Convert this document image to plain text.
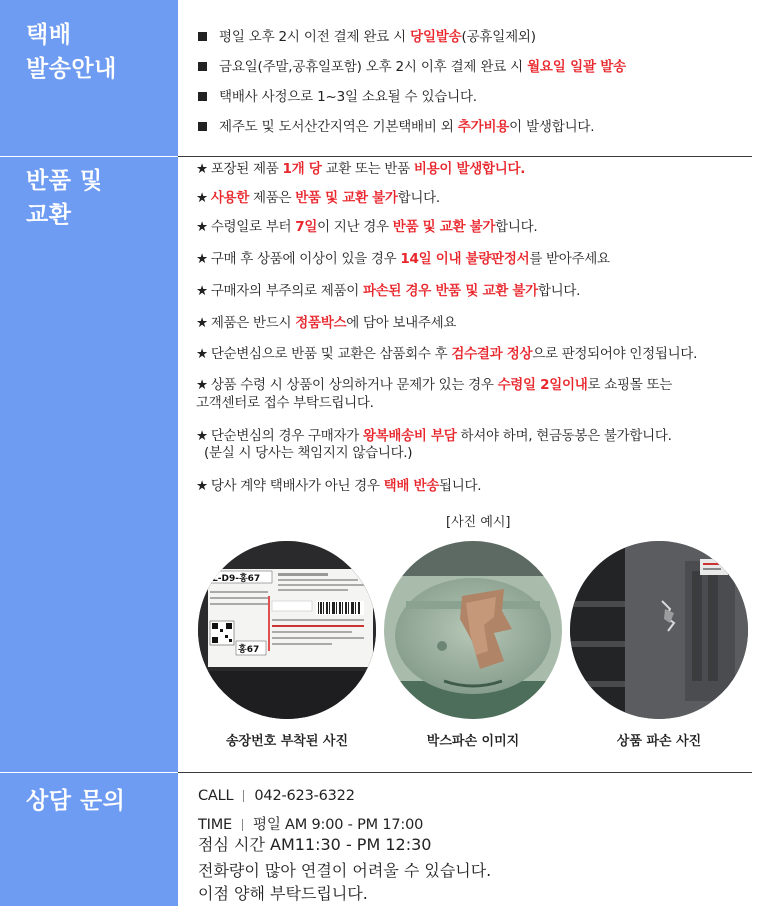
택배
발송안내
반품 및
교환
상담 문의
평일 오후 2시 이전 결제 완료 시 당일발송(공휴일제외)
금요일(주말,공휴일포함) 오후 2시 이후 결제 완료 시 월요일 일괄 발송
택배사 사정으로 1~3일 소요될 수 있습니다.
제주도 및 도서산간지역은 기본택배비 외 추가비용이 발생합니다.
★ 포장된 제품 1개 당 교환 또는 반품 비용이 발생합니다.
★ 사용한 제품은 반품 및 교환 불가합니다.
★ 수령일로 부터 7일이 지난 경우 반품 및 교환 불가합니다.
★ 구매 후 상품에 이상이 있을 경우 14일 이내 불량판정서를 받아주세요
★ 구매자의 부주의로 제품이 파손된 경우 반품 및 교환 불가합니다.
★ 제품은 반드시 정품박스에 담아 보내주세요
★ 단순변심으로 반품 및 교환은 삼품회수 후 검수결과 정상으로 판정되어야 인정됩니다.
★ 상품 수령 시 상품이 상의하거나 문제가 있는 경우 수령일 2일이내로 쇼핑몰 또는
고객센터로 접수 부탁드립니다.
★ 단순변심의 경우 구매자가 왕복배송비 부담 하셔야 하며, 현금동봉은 불가합니다.
(분실 시 당사는 책임지지 않습니다.)
★ 당사 계약 택배사가 아닌 경우 택배 반송됩니다.
[사진 예시]
L-D9-홍67
홍67
송장번호 부착된 사진	박스파손 이미지	상품 파손 사진
CALL 042-623-6322
TIME 평일 AM 9:00 - PM 17:00
점심 시간 AM11:30 - PM 12:30
전화량이 많아 연결이 어려울 수 있습니다.
이점 양해 부탁드립니다.
